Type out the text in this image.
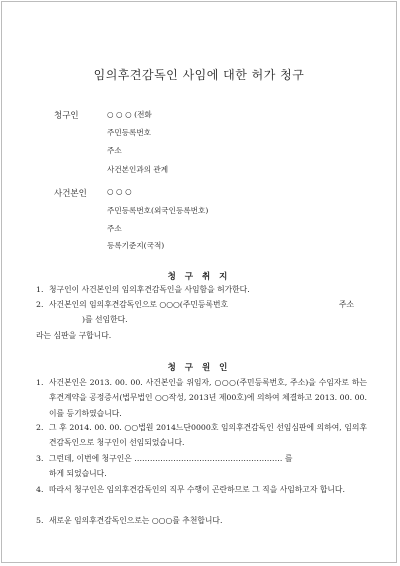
임의후견감독인 사임에 대한 허가 청구
청구인	○ ○ ○ (전화
주민등록번호
주소
사건본인과의 관계
사건본인	○ ○ ○
주민등록번호(외국인등록번호)
주소
등록기준지(국적)
청 구 취 지
1. 청구인이 사건본인의 임의후견감독인을 사임함을 허가한다.
2. 사건본인의 임의후견감독인으로 ○○○(주민등록번호	주소
)를 선임한다.
라는 심판을 구합니다.
청 구 원 인
1. 사건본인은 2013. 00. 00. 사건본인을 위임자, ○○○(주민등록번호, 주소)을 수임자로 하는 후견계약을 공정증서(법무법인 ○○작성, 2013년 제00호)에 의하여 체결하고 2013. 00. 00. 이를 등기하였습니다.
2. 그 후 2014. 00. 00. ○○법원 2014느단0000호 임의후견감독인 선임심판에 의하여, 임의후견감독인으로 청구인이 선임되었습니다.
3. 그런데, 이번에 청구인은 ………………………………………………… 를
하게 되었습니다.
4. 따라서 청구인은 임의후견감독인의 직무 수행이 곤란하므로 그 직을 사임하고자 합니다.
5. 새로운 임의후견감독인으로는 ○○○를 추천합니다.
